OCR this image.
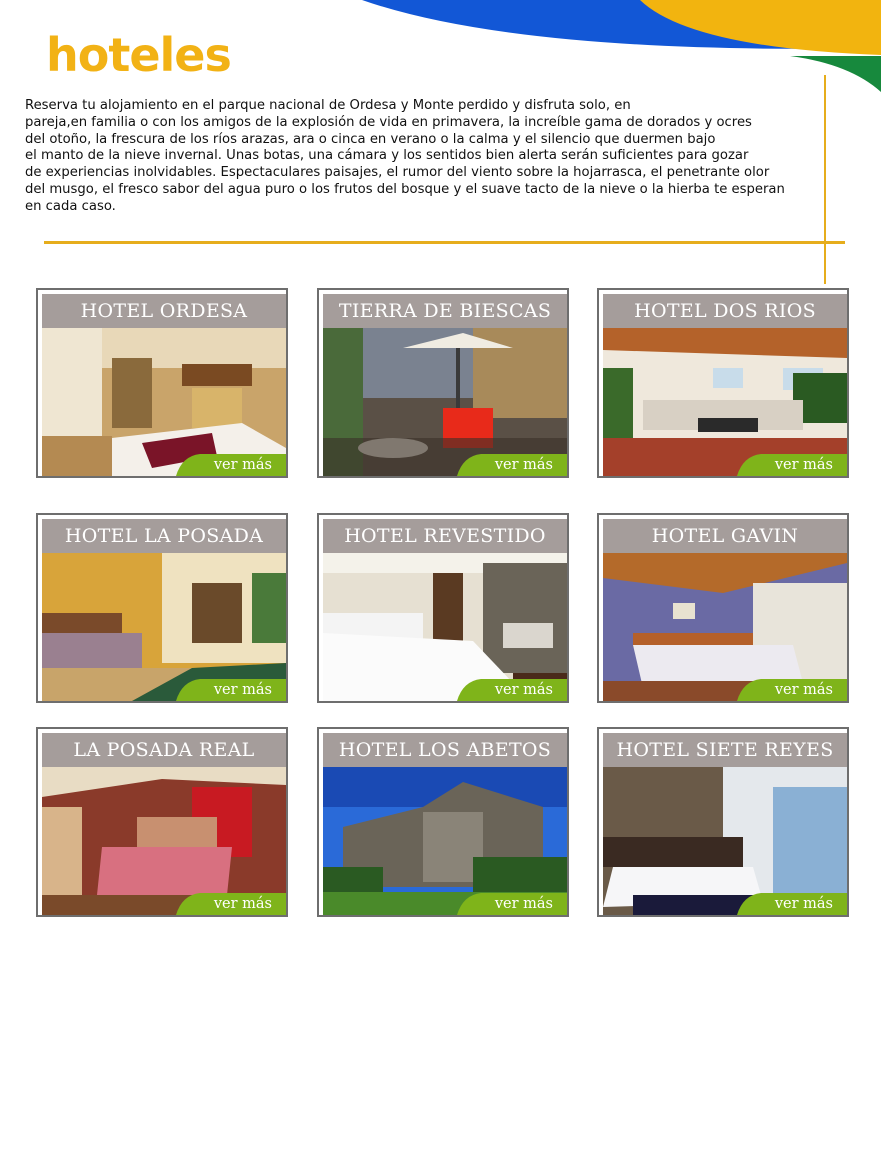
hoteles
Reserva tu alojamiento en el parque nacional de Ordesa y Monte perdido y disfruta solo, en
pareja,en familia o con los amigos de la explosión de vida en primavera, la increíble gama de dorados y ocres
del otoño, la frescura de los ríos arazas, ara o cinca en verano o la calma y el silencio que duermen bajo
el manto de la nieve invernal. Unas botas, una cámara y los sentidos bien alerta serán suficientes para gozar
de experiencias inolvidables. Espectaculares paisajes, el rumor del viento sobre la hojarrasca, el penetrante olor
del musgo, el fresco sabor del agua puro o los frutos del bosque y el suave tacto de la nieve o la hierba te esperan
en cada caso.
HOTEL ORDESA
ver más
TIERRA DE BIESCAS
ver más
HOTEL DOS RIOS
ver más
HOTEL LA POSADA
ver más
HOTEL REVESTIDO
ver más
HOTEL GAVIN
ver más
LA POSADA REAL
ver más
HOTEL LOS ABETOS
ver más
HOTEL SIETE REYES
ver más
